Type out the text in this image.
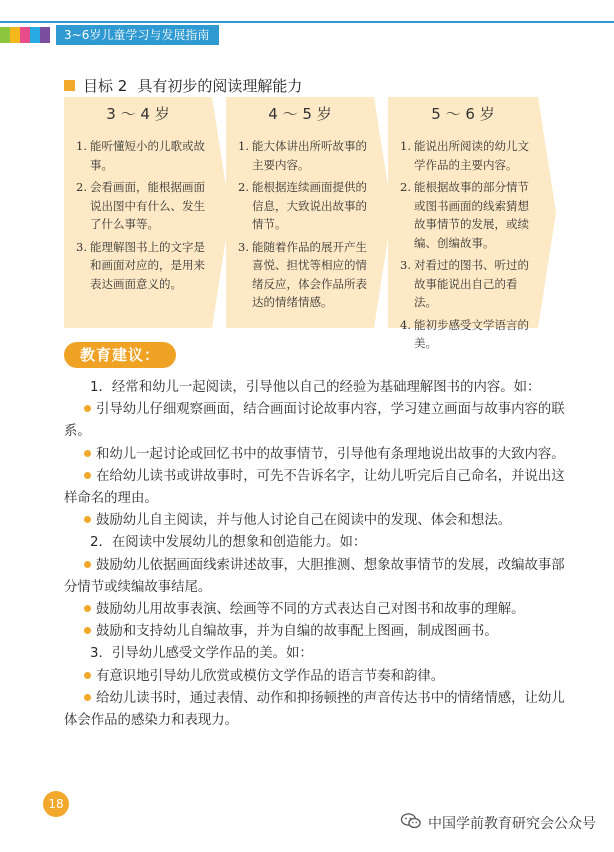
3~6岁儿童学习与发展指南
目标 2 具有初步的阅读理解能力
3 ～ 4 岁
1. 能听懂短小的儿歌或故事。
2. 会看画面，能根据画面说出图中有什么、发生了什么事等。
3. 能理解图书上的文字是和画面对应的，是用来表达画面意义的。
4 ～ 5 岁
1. 能大体讲出所听故事的主要内容。
2. 能根据连续画面提供的信息，大致说出故事的情节。
3. 能随着作品的展开产生喜悦、担忧等相应的情绪反应，体会作品所表达的情绪情感。
5 ～ 6 岁
1. 能说出所阅读的幼儿文学作品的主要内容。
2. 能根据故事的部分情节或图书画面的线索猜想故事情节的发展，或续编、创编故事。
3. 对看过的图书、听过的故事能说出自己的看法。
4. 能初步感受文学语言的美。
教育建议：

1．经常和幼儿一起阅读，引导他以自己的经验为基础理解图书的内容。如：

引导幼儿仔细观察画面，结合画面讨论故事内容，学习建立画面与故事内容的联系。

和幼儿一起讨论或回忆书中的故事情节，引导他有条理地说出故事的大致内容。

在给幼儿读书或讲故事时，可先不告诉名字，让幼儿听完后自己命名，并说出这样命名的理由。

鼓励幼儿自主阅读，并与他人讨论自己在阅读中的发现、体会和想法。

2．在阅读中发展幼儿的想象和创造能力。如：

鼓励幼儿依据画面线索讲述故事，大胆推测、想象故事情节的发展，改编故事部分情节或续编故事结尾。

鼓励幼儿用故事表演、绘画等不同的方式表达自己对图书和故事的理解。

鼓励和支持幼儿自编故事，并为自编的故事配上图画，制成图画书。

3．引导幼儿感受文学作品的美。如：

有意识地引导幼儿欣赏或模仿文学作品的语言节奏和韵律。

给幼儿读书时，通过表情、动作和抑扬顿挫的声音传达书中的情绪情感，让幼儿体会作品的感染力和表现力。

18
中国学前教育研究会公众号
